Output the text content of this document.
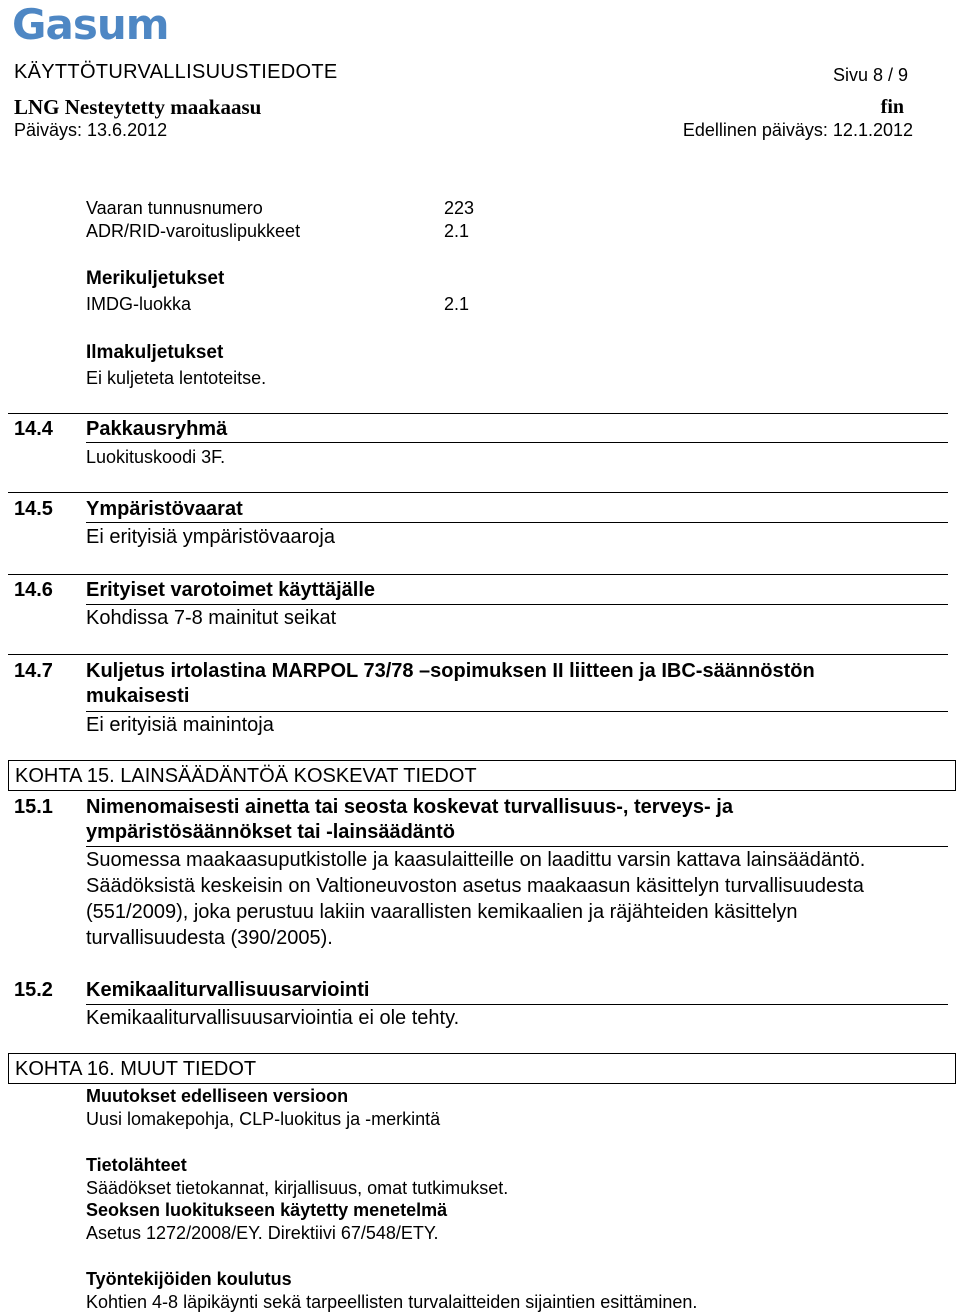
Gasum
KÄYTTÖTURVALLISUUSTIEDOTE	Sivu 8 / 9
LNG Nesteytetty maakaasu	fin
Päiväys: 13.6.2012	Edellinen päiväys: 12.1.2012
Vaaran tunnusnumero	223
ADR/RID-varoituslipukkeet	2.1
Merikuljetukset
IMDG-luokka	2.1
Ilmakuljetukset
Ei kuljeteta lentoteitse.
14.4 Pakkausryhmä
Luokituskoodi 3F.
14.5 Ympäristövaarat
Ei erityisiä ympäristövaaroja
14.6 Erityiset varotoimet käyttäjälle
Kohdissa 7-8 mainitut seikat
14.7 Kuljetus irtolastina MARPOL 73/78 –sopimuksen II liitteen ja IBC-säännöstön
mukaisesti
Ei erityisiä mainintoja
KOHTA 15. LAINSÄÄDÄNTÖÄ KOSKEVAT TIEDOT
15.1 Nimenomaisesti ainetta tai seosta koskevat turvallisuus-, terveys- ja
ympäristösäännökset tai -lainsäädäntö
Suomessa maakaasuputkistolle ja kaasulaitteille on laadittu varsin kattava lainsäädäntö.
Säädöksistä keskeisin on Valtioneuvoston asetus maakaasun käsittelyn turvallisuudesta
(551/2009), joka perustuu lakiin vaarallisten kemikaalien ja räjähteiden käsittelyn
turvallisuudesta (390/2005).
15.2 Kemikaaliturvallisuusarviointi
Kemikaaliturvallisuusarviointia ei ole tehty.
KOHTA 16. MUUT TIEDOT
Muutokset edelliseen versioon
Uusi lomakepohja, CLP-luokitus ja -merkintä
Tietolähteet
Säädökset tietokannat, kirjallisuus, omat tutkimukset.
Seoksen luokitukseen käytetty menetelmä
Asetus 1272/2008/EY. Direktiivi 67/548/ETY.
Työntekijöiden koulutus
Kohtien 4-8 läpikäynti sekä tarpeellisten turvalaitteiden sijaintien esittäminen.
